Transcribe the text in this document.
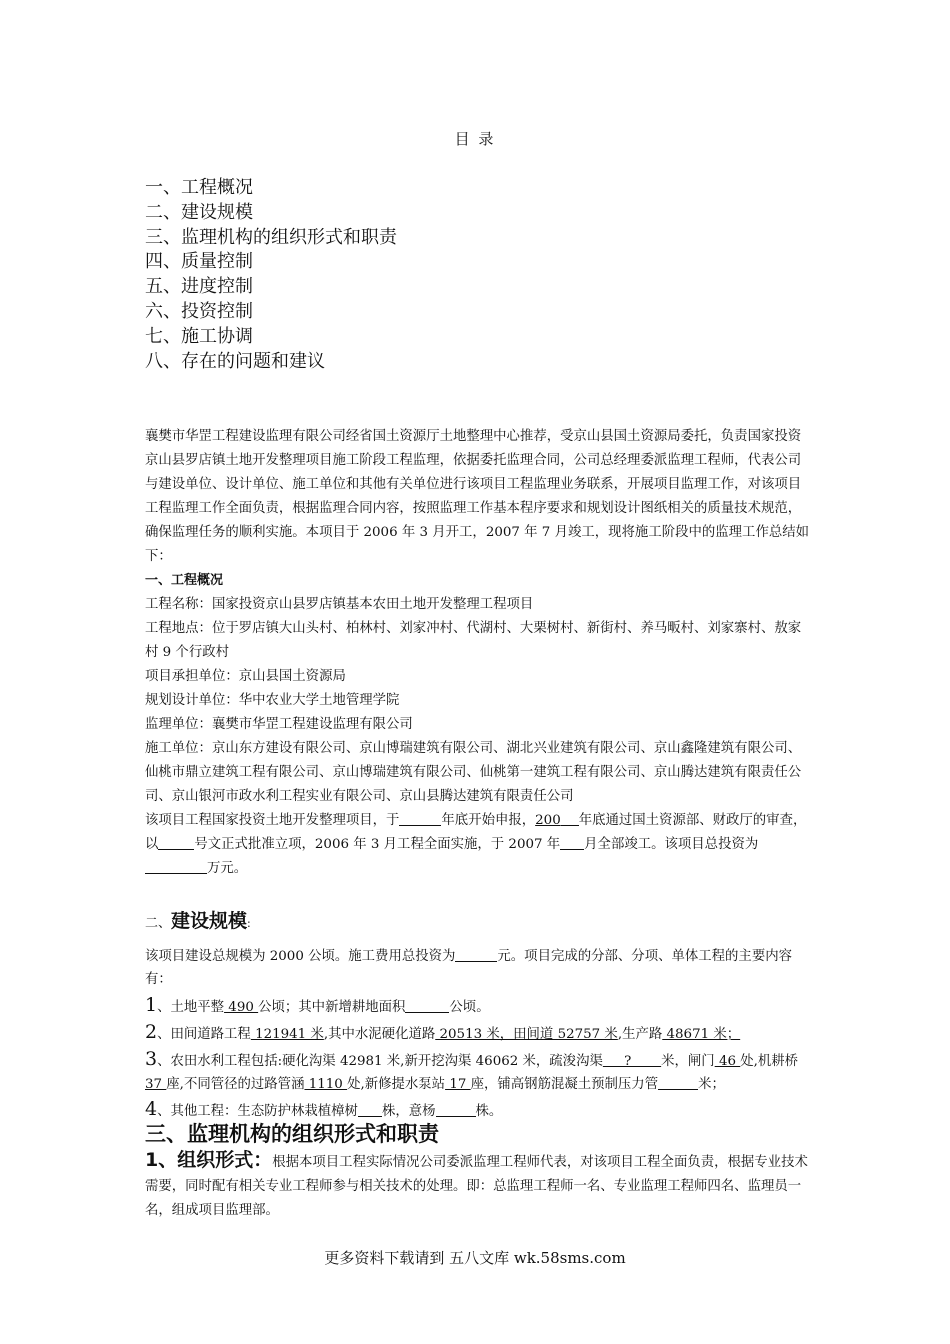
目 录
一、工程概况
二、建设规模
三、监理机构的组织形式和职责
四、质量控制
五、进度控制
六、投资控制
七、施工协调
八、存在的问题和建议

襄樊市华罡工程建设监理有限公司经省国土资源厅土地整理中心推荐，受京山县国土资源局委托，负责国家投资京山县罗店镇土地开发整理项目施工阶段工程监理，依据委托监理合同，公司总经理委派监理工程师，代表公司与建设单位、设计单位、施工单位和其他有关单位进行该项目工程监理业务联系，开展项目监理工作，对该项目工程监理工作全面负责，根据监理合同内容，按照监理工作基本程序要求和规划设计图纸相关的质量技术规范，确保监理任务的顺利实施。本项目于 2006 年 3 月开工，2007 年 7 月竣工，现将施工阶段中的监理工作总结如下：

一、工程概况

工程名称：国家投资京山县罗店镇基本农田土地开发整理工程项目

工程地点：位于罗店镇大山头村、柏林村、刘家冲村、代湖村、大栗树村、新街村、养马畈村、刘家寨村、敖家村 9 个行政村

项目承担单位：京山县国土资源局

规划设计单位：华中农业大学土地管理学院

监理单位：襄樊市华罡工程建设监理有限公司

施工单位：京山东方建设有限公司、京山博瑞建筑有限公司、湖北兴业建筑有限公司、京山鑫隆建筑有限公司、仙桃市鼎立建筑工程有限公司、京山博瑞建筑有限公司、仙桃第一建筑工程有限公司、京山腾达建筑有限责任公司、京山银河市政水利工程实业有限公司、京山县腾达建筑有限责任公司

该项目工程国家投资土地开发整理项目，于	年底开始申报，200 年底通过国土资源部、财政厅的审查，以	号文正式批准立项，2006 年 3 月工程全面实施，于 2007 年 月全部竣工。该项目总投资为万元。

二、建设规模:

该项目建设总规模为 2000 公顷。施工费用总投资为	元。项目完成的分部、分项、单体工程的主要内容有：

1、土地平整 490 公顷；其中新增耕地面积	公顷。

2、田间道路工程 121941 米,其中水泥硬化道路 20513 米，田间道 52757 米,生产路 48671 米；

3、农田水利工程包括:硬化沟渠 42981 米,新开挖沟渠 46062 米，疏浚沟渠     ?       米，闸门 46 处,机耕桥 37 座,不同管径的过路管涵 1110 处,新修提水泵站 17 座，铺高钢筋混凝土预制压力管	米；

4、其他工程：生态防护林栽植樟树 株，意杨	株。

三、监理机构的组织形式和职责
1、组织形式：根据本项目工程实际情况公司委派监理工程师代表，对该项目工程全面负责，根据专业技术需要，同时配有相关专业工程师参与相关技术的处理。即：总监理工程师一名、专业监理工程师四名、监理员一名，组成项目监理部。
更多资料下载请到 五八文库 wk.58sms.com
